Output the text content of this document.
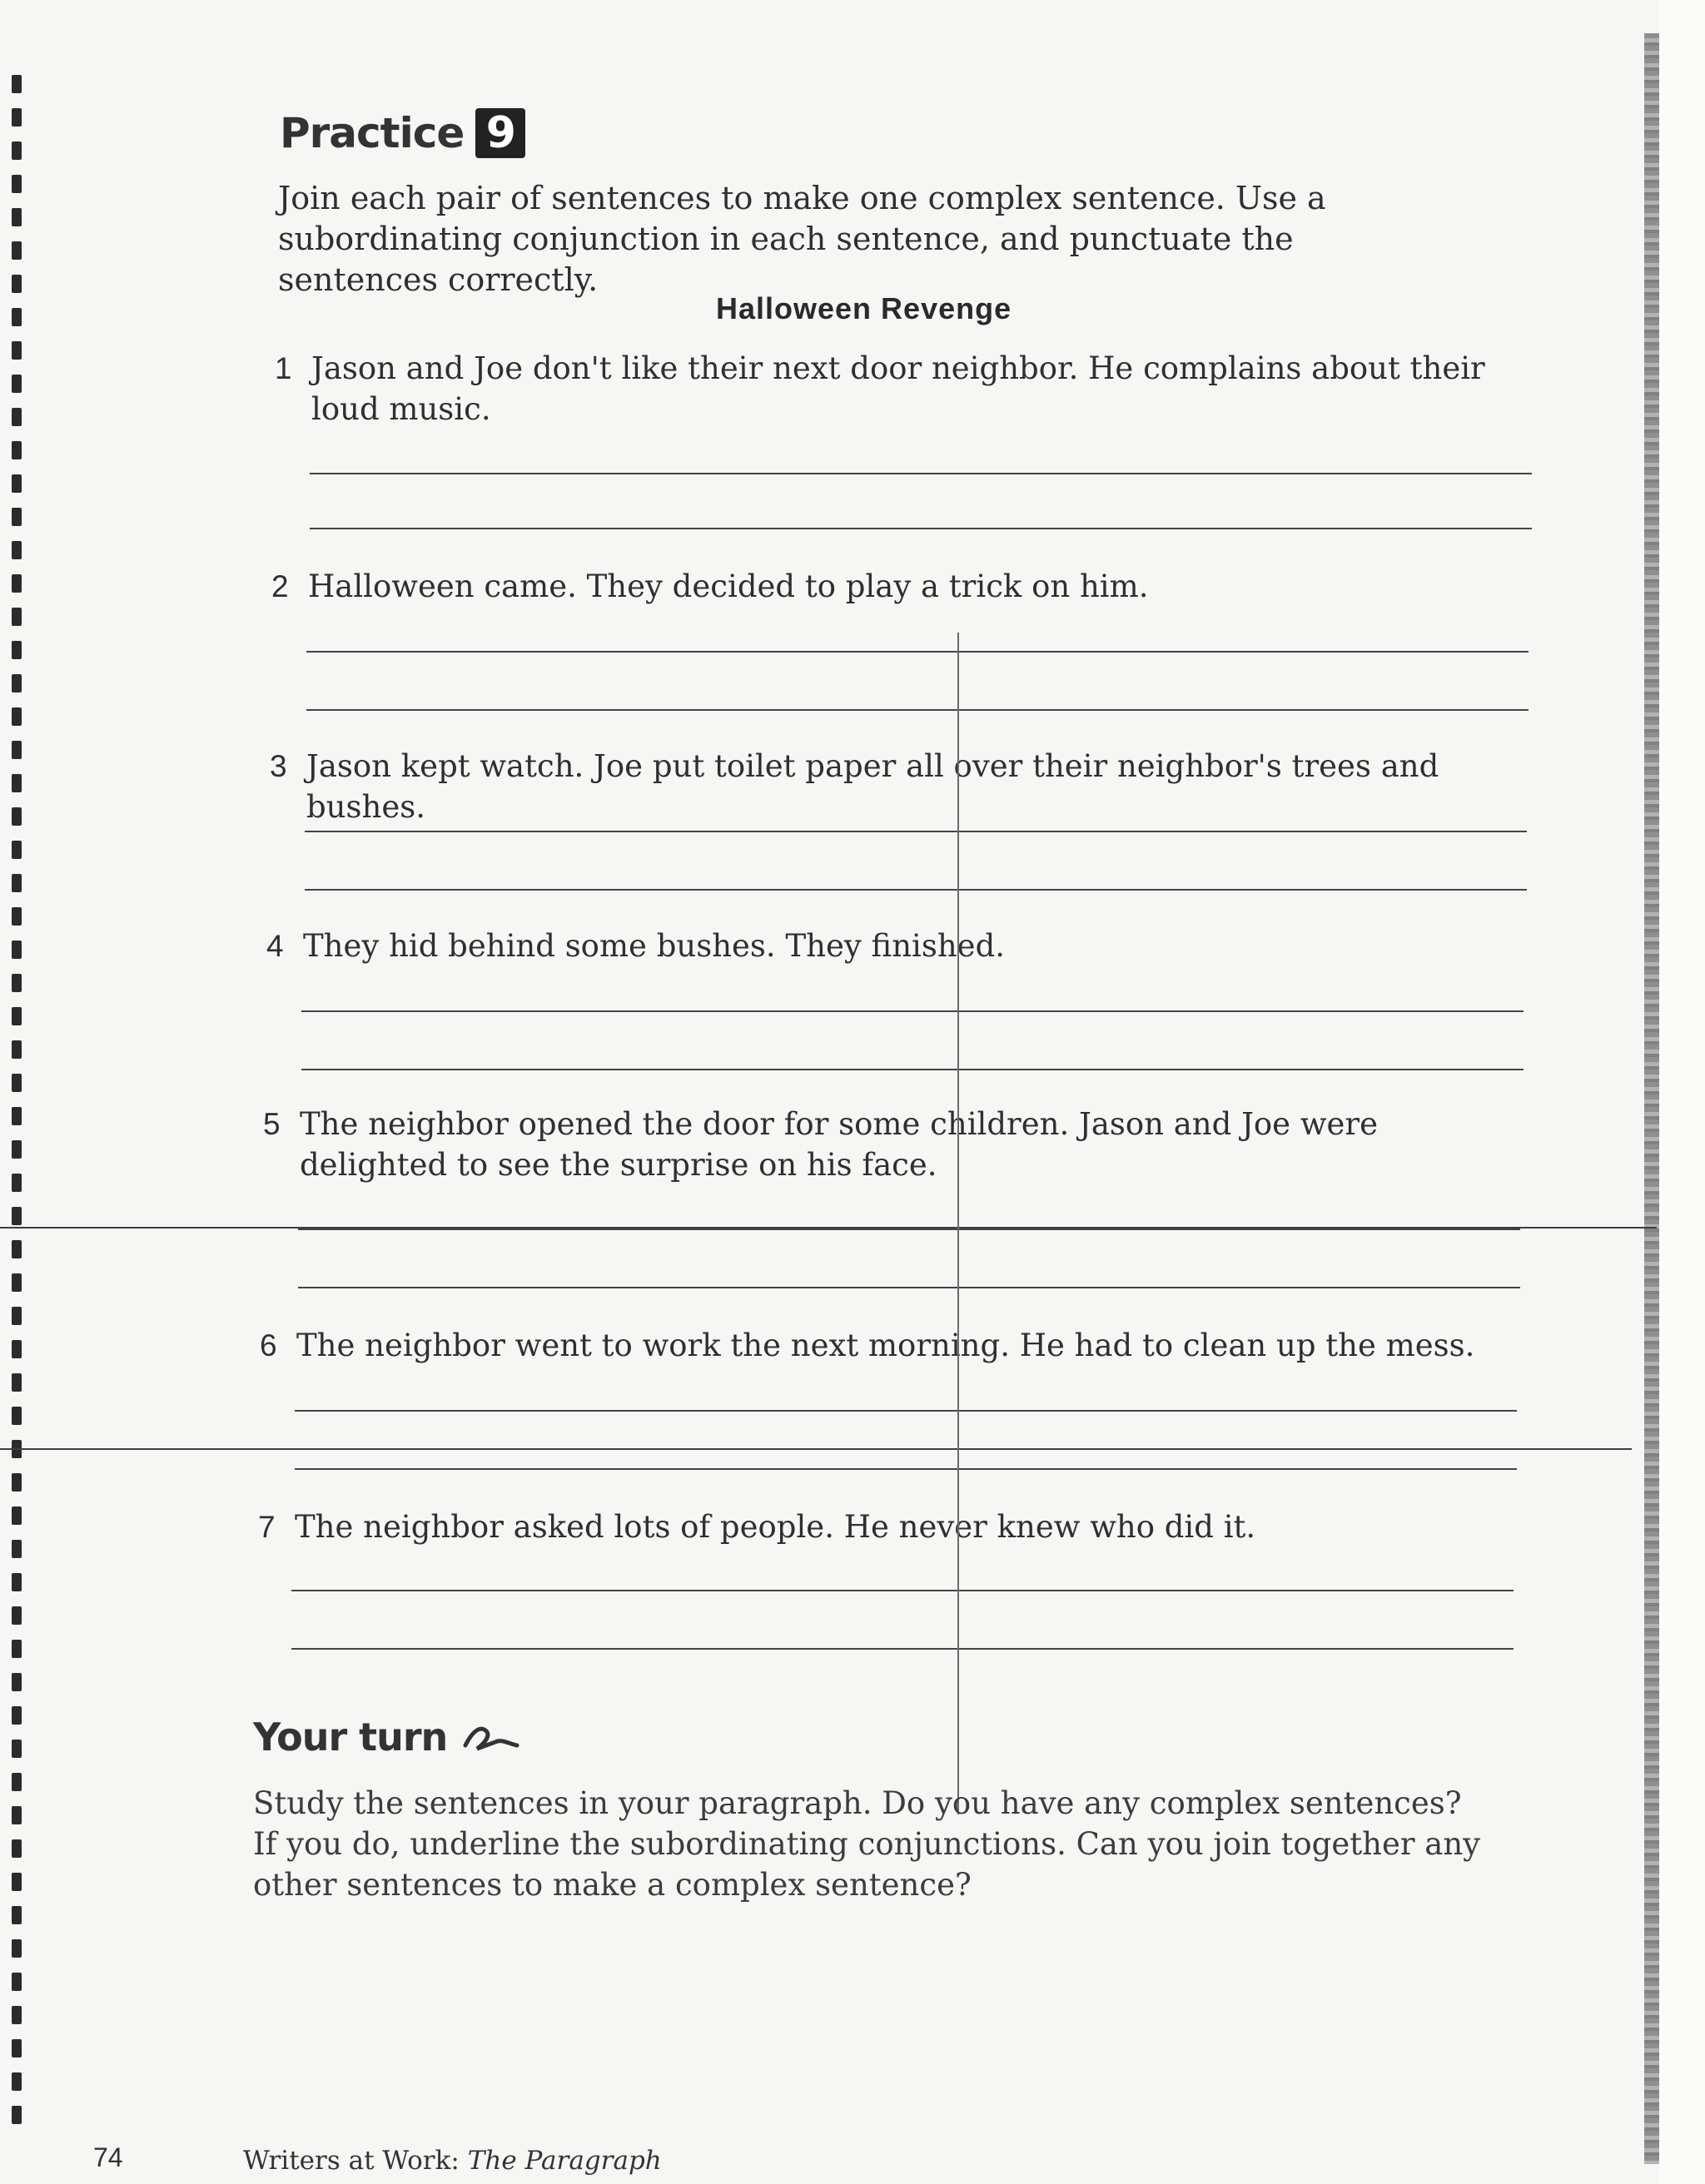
Practice 9
Join each pair of sentences to make one complex sentence. Use a subordinating conjunction in each sentence, and punctuate the sentences correctly.
Halloween Revenge
1 Jason and Joe don't like their next door neighbor. He complains about their loud music.
2 Halloween came. They decided to play a trick on him.
3 Jason kept watch. Joe put toilet paper all over their neighbor's trees and bushes.
4 They hid behind some bushes. They finished.
5 The neighbor opened the door for some children. Jason and Joe were delighted to see the surprise on his face.
6 The neighbor went to work the next morning. He had to clean up the mess.
7 The neighbor asked lots of people. He never knew who did it.
Your turn
Study the sentences in your paragraph. Do you have any complex sentences? If you do, underline the subordinating conjunctions. Can you join together any other sentences to make a complex sentence?
74	Writers at Work: The Paragraph
